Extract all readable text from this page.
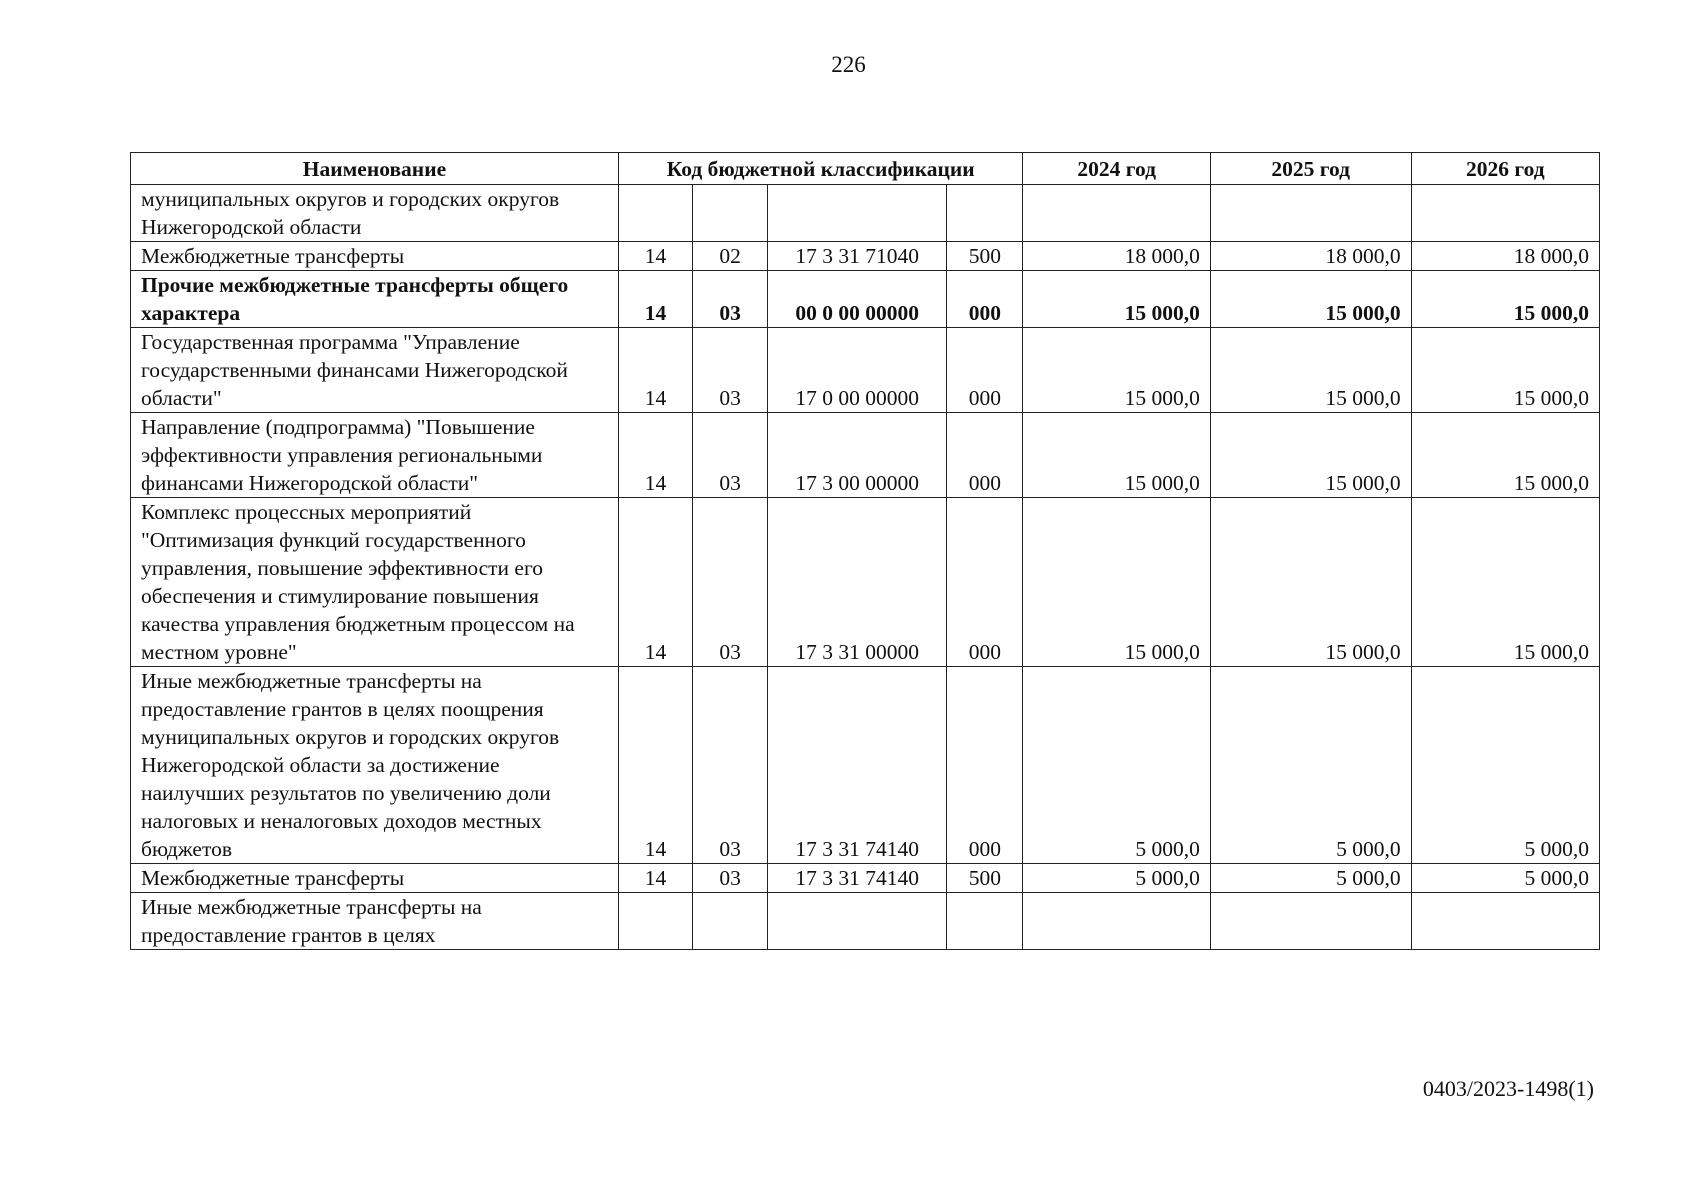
226
Наименование	Код бюджетной классификации				2024 год	2025 год	2026 год
муниципальных округов и городских округов Нижегородской области							
Межбюджетные трансферты	14	02	17 3 31 71040	500	18 000,0	18 000,0	18 000,0
Прочие межбюджетные трансферты общего характера	14	03	00 0 00 00000	000	15 000,0	15 000,0	15 000,0
Государственная программа "Управление государственными финансами Нижегородской области"	14	03	17 0 00 00000	000	15 000,0	15 000,0	15 000,0
Направление (подпрограмма) "Повышение эффективности управления региональными финансами Нижегородской области"	14	03	17 3 00 00000	000	15 000,0	15 000,0	15 000,0
Комплекс процессных мероприятий "Оптимизация функций государственного управления, повышение эффективности его обеспечения и стимулирование повышения качества управления бюджетным процессом на местном уровне"	14	03	17 3 31 00000	000	15 000,0	15 000,0	15 000,0
Иные межбюджетные трансферты на предоставление грантов в целях поощрения муниципальных округов и городских округов Нижегородской области за достижение наилучших результатов по увеличению доли налоговых и неналоговых доходов местных бюджетов	14	03	17 3 31 74140	000	5 000,0	5 000,0	5 000,0
Межбюджетные трансферты	14	03	17 3 31 74140	500	5 000,0	5 000,0	5 000,0
Иные межбюджетные трансферты на предоставление грантов в целях							
0403/2023-1498(1)
